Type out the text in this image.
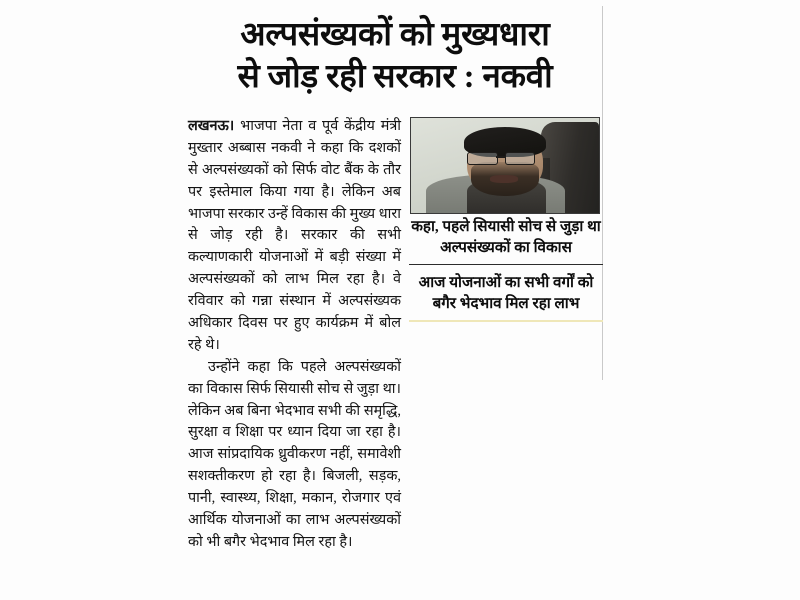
अल्पसंख्यकों को मुख्यधारा
से जोड़ रही सरकार : नकवी

लखनऊ। भाजपा नेता व पूर्व केंद्रीय मंत्री मुख्तार अब्बास नकवी ने कहा कि दशकों से अल्पसंख्यकों को सिर्फ वोट बैंक के तौर पर इस्तेमाल किया गया है। लेकिन अब भाजपा सरकार उन्हें विकास की मुख्य धारा से जोड़ रही है। सरकार की सभी कल्याणकारी योजनाओं में बड़ी संख्या में अल्पसंख्यकों को लाभ मिल रहा है। वे रविवार को गन्ना संस्थान में अल्पसंख्यक अधिकार दिवस पर हुए कार्यक्रम में बोल रहे थे।

उन्होंने कहा कि पहले अल्पसंख्यकों का विकास सिर्फ सियासी सोच से जुड़ा था। लेकिन अब बिना भेदभाव सभी की समृद्धि, सुरक्षा व शिक्षा पर ध्यान दिया जा रहा है। आज सांप्रदायिक ध्रुवीकरण नहीं, समावेशी सशक्तीकरण हो रहा है। बिजली, सड़क, पानी, स्वास्थ्य, शिक्षा, मकान, रोजगार एवं आर्थिक योजनाओं का लाभ अल्पसंख्यकों को भी बगैर भेदभाव मिल रहा है।

कहा, पहले सियासी सोच से जुड़ा था अल्पसंख्यकों का विकास
आज योजनाओं का सभी वर्गों को बगैर भेदभाव मिल रहा लाभ
